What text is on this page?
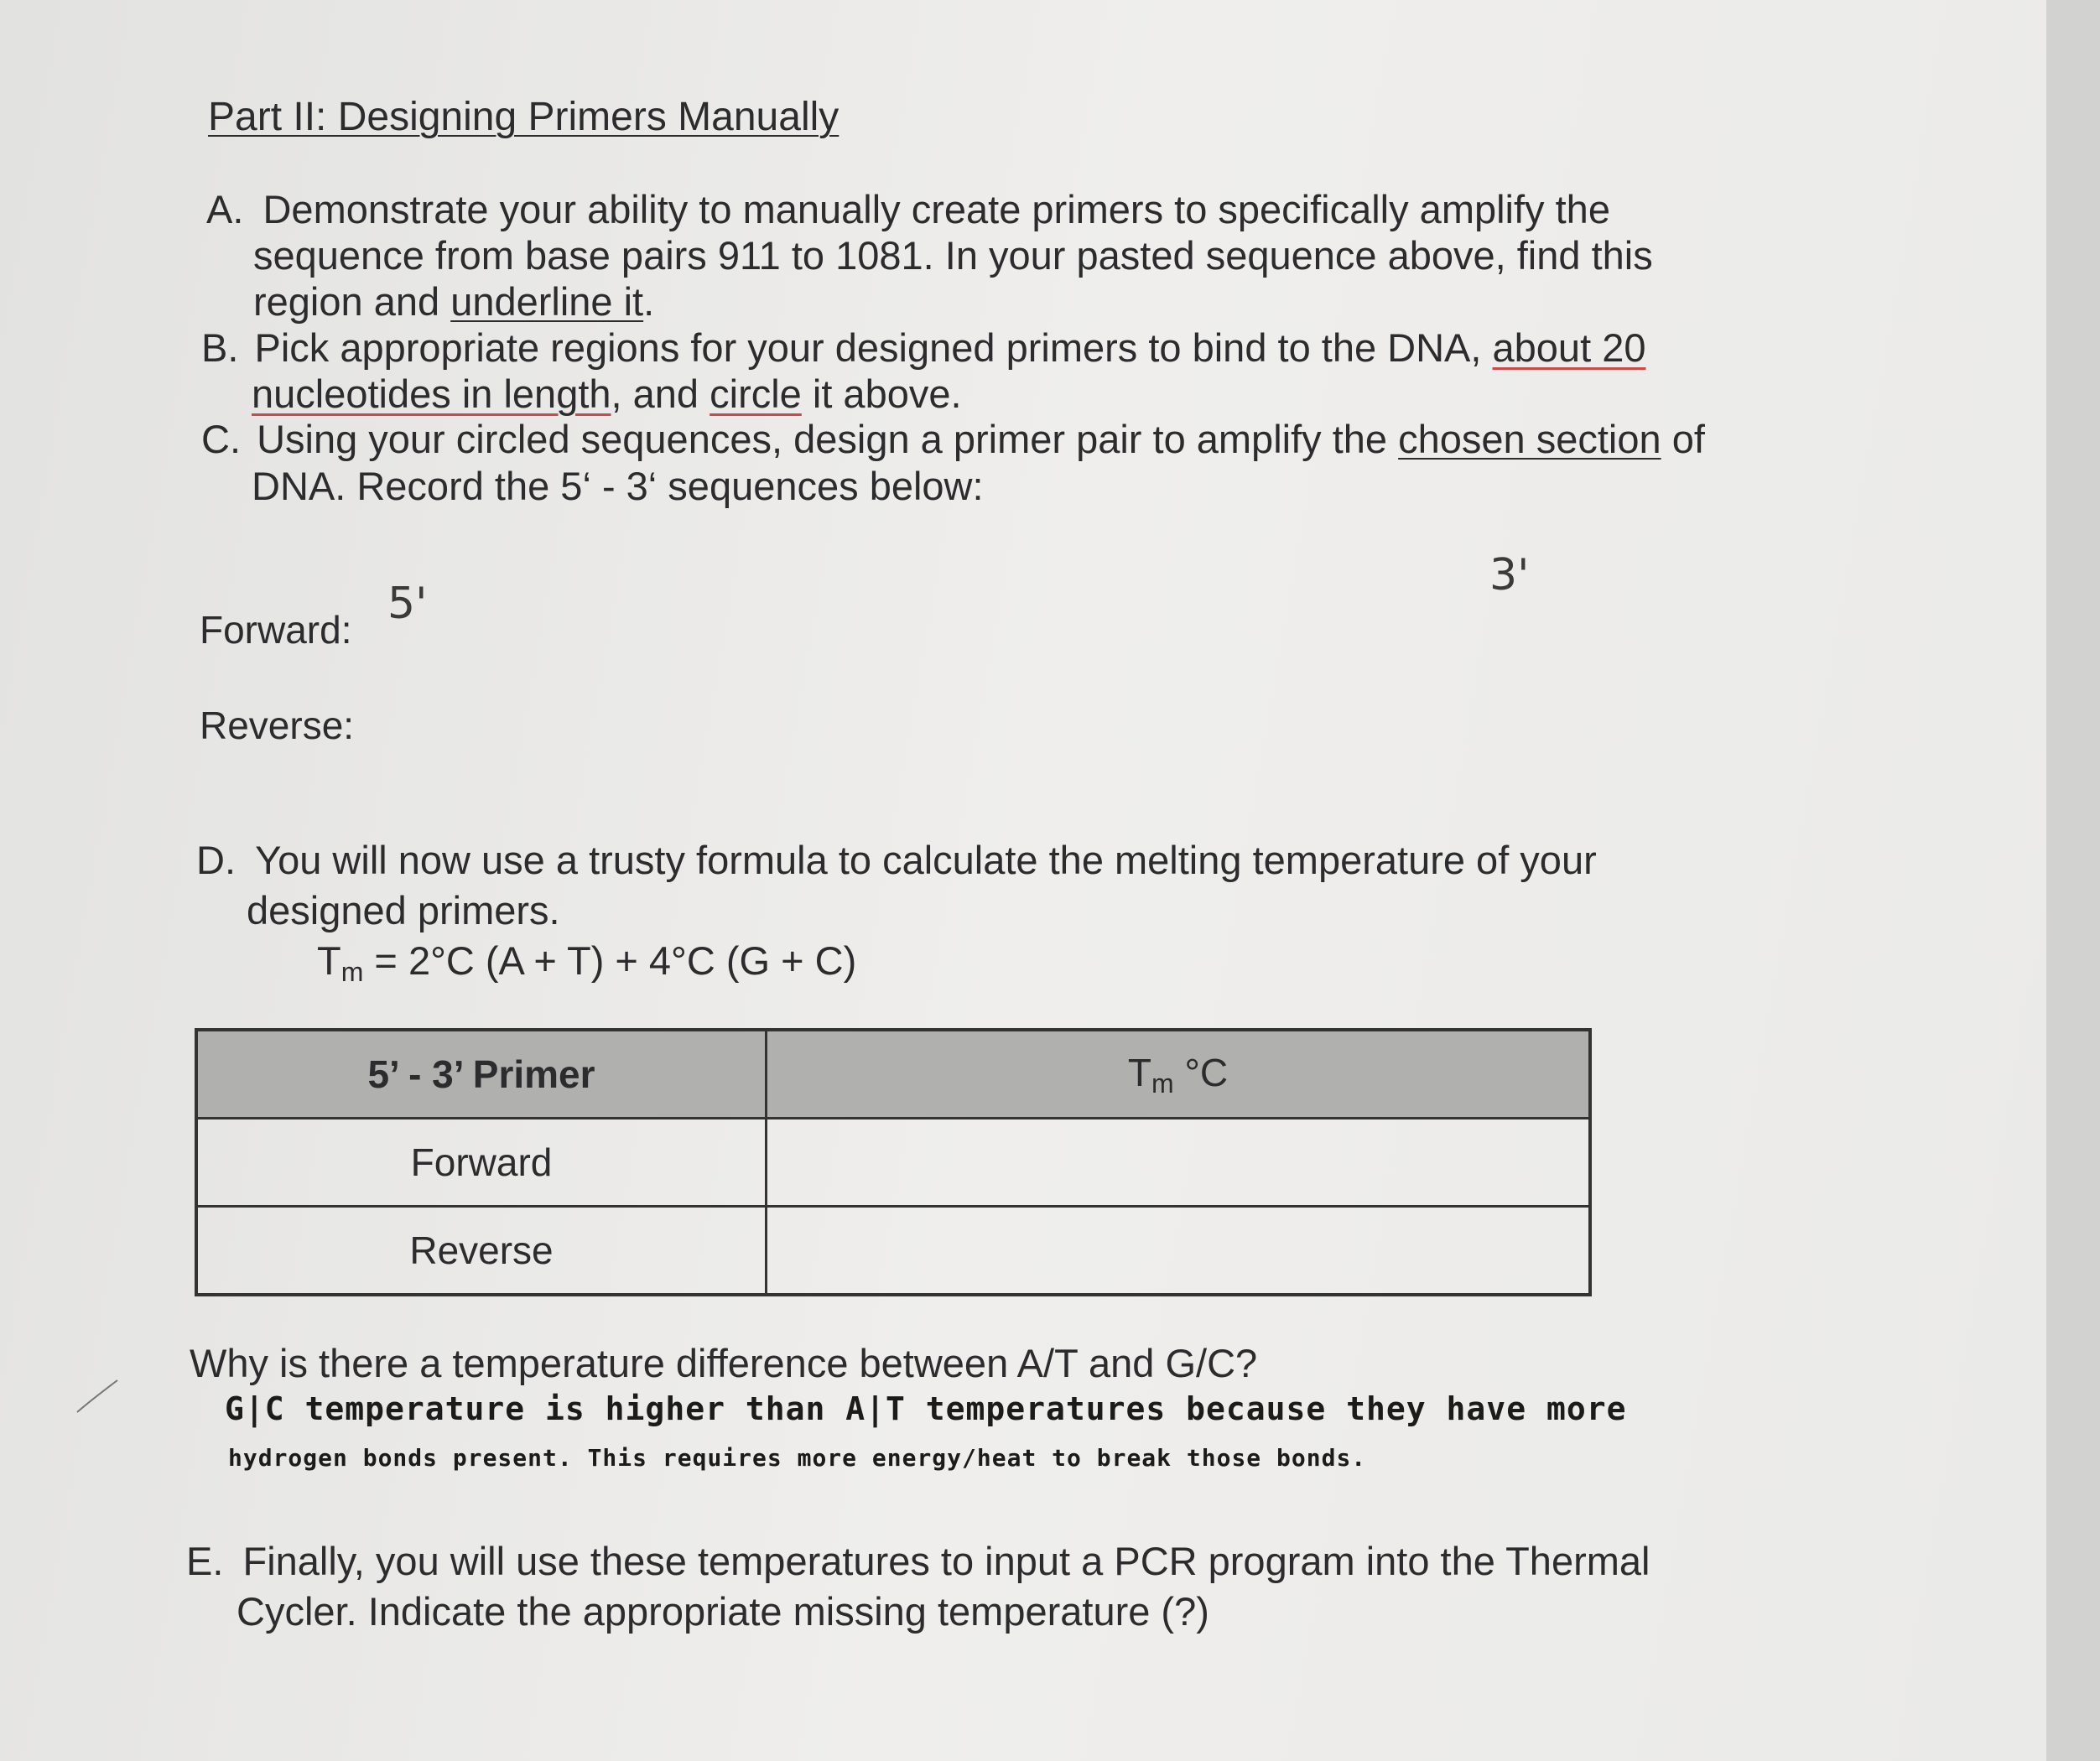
Part II: Designing Primers Manually
A. Demonstrate your ability to manually create primers to specifically amplify the
sequence from base pairs 911 to 1081. In your pasted sequence above, find this
region and underline it.
B. Pick appropriate regions for your designed primers to bind to the DNA, about 20
nucleotides in length, and circle it above.
C. Using your circled sequences, design a primer pair to amplify the chosen section of
DNA. Record the 5‘ - 3‘ sequences below:
Forward:
5'
3'
Reverse:
D. You will now use a trusty formula to calculate the melting temperature of your
designed primers.
$T_m = 2^\circ C$ (A + T) + 4°C (G + C)
5’ - 3’ Primer	$T_m$ °C
Forward	
Reverse	
Why is there a temperature difference between A/T and G/C?
G|C temperature is higher than A|T temperatures because they have more
hydrogen bonds present. This requires more energy/heat to break those bonds.
E. Finally, you will use these temperatures to input a PCR program into the Thermal
Cycler. Indicate the appropriate missing temperature (?)
